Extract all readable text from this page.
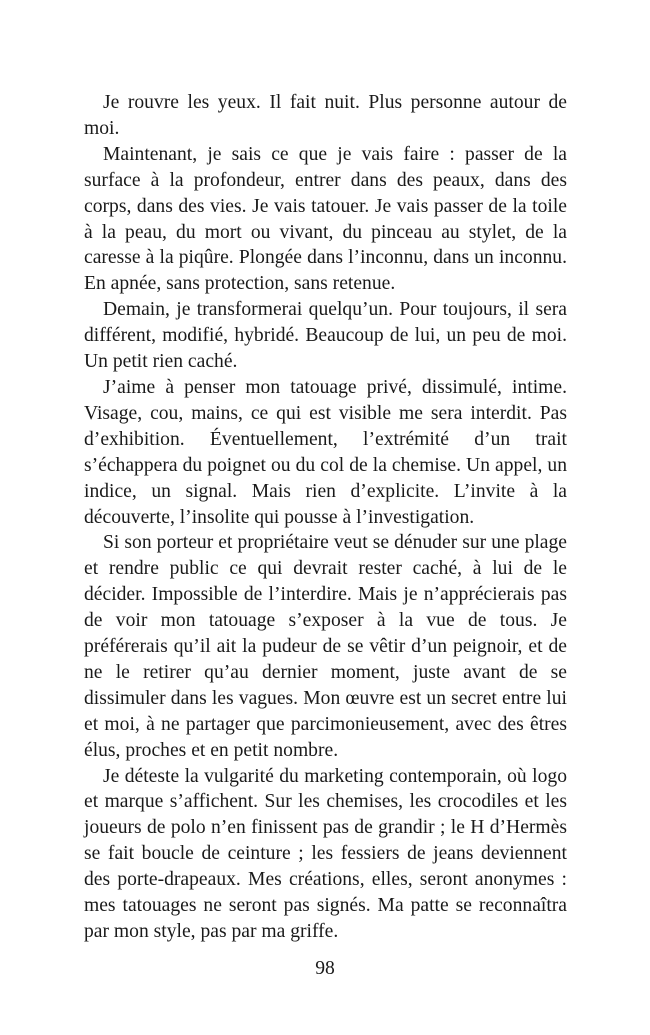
Je rouvre les yeux. Il fait nuit. Plus personne autour de moi.

Maintenant, je sais ce que je vais faire : passer de la surface à la profondeur, entrer dans des peaux, dans des corps, dans des vies. Je vais tatouer. Je vais passer de la toile à la peau, du mort ou vivant, du pinceau au stylet, de la caresse à la piqûre. Plongée dans l’inconnu, dans un inconnu. En apnée, sans protection, sans retenue.

Demain, je transformerai quelqu’un. Pour toujours, il sera différent, modifié, hybridé. Beaucoup de lui, un peu de moi. Un petit rien caché.

J’aime à penser mon tatouage privé, dissimulé, intime. Visage, cou, mains, ce qui est visible me sera interdit. Pas d’exhibition. Éventuellement, l’extrémité d’un trait s’échappera du poignet ou du col de la chemise. Un appel, un indice, un signal. Mais rien d’explicite. L’invite à la découverte, l’insolite qui pousse à l’investigation.

Si son porteur et propriétaire veut se dénuder sur une plage et rendre public ce qui devrait rester caché, à lui de le décider. Impossible de l’interdire. Mais je n’apprécierais pas de voir mon tatouage s’exposer à la vue de tous. Je préférerais qu’il ait la pudeur de se vêtir d’un peignoir, et de ne le retirer qu’au dernier moment, juste avant de se dissimuler dans les vagues. Mon œuvre est un secret entre lui et moi, à ne partager que parcimonieusement, avec des êtres élus, proches et en petit nombre.

Je déteste la vulgarité du marketing contemporain, où logo et marque s’affichent. Sur les chemises, les crocodiles et les joueurs de polo n’en finissent pas de grandir ; le H d’Hermès se fait boucle de ceinture ; les fessiers de jeans deviennent des porte-drapeaux. Mes créations, elles, seront anonymes : mes tatouages ne seront pas signés. Ma patte se reconnaîtra par mon style, pas par ma griffe.

98
